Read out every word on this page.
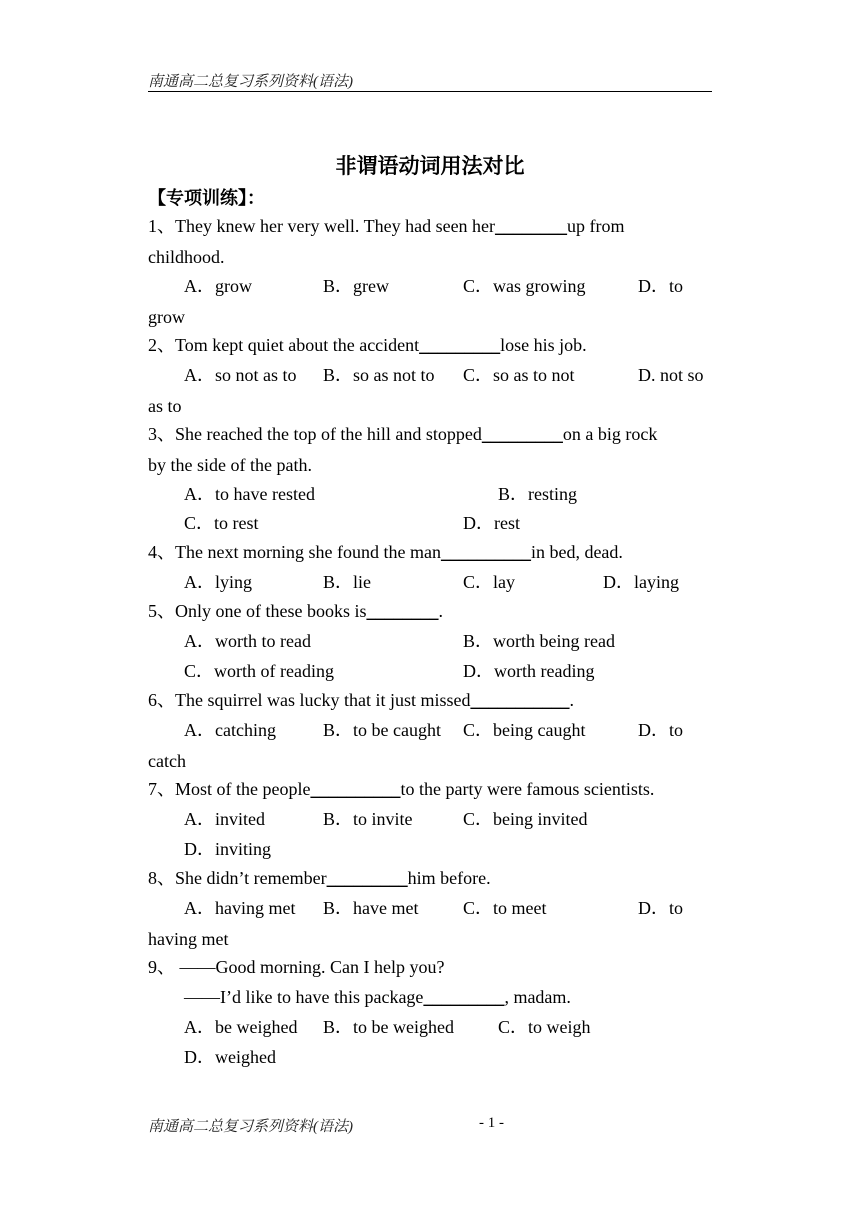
南通高二总复习系列资料(语法)
非谓语动词用法对比
【专项训练】：
1、They knew her very well. They had seen her________up from
childhood.
A．grow	B．grew	C．was growing	D．to
grow
2、Tom kept quiet about the accident_________lose his job.
A．so not as to B．so as not to C．so as to not	D. not so
as to
3、She reached the top of the hill and stopped_________on a big rock
by the side of the path.
A．to have rested	B．resting
C．to rest	D．rest
4、The next morning she found the man__________in bed, dead.
A．lying	B．lie	C．lay	D．laying
5、Only one of these books is________.
A．worth to read	B．worth being read
C．worth of reading	D．worth reading
6、The squirrel was lucky that it just missed___________.
A．catching	B．to be caught C．being caught	D．to
catch
7、Most of the people__________to the party were famous scientists.
A．invited	B．to invite	C．being invited
D．inviting
8、She didn’t remember_________him before.
A．having met B．have met C．to meet	D．to
having met
9、 ——Good morning. Can I help you?
——I’d like to have this package_________, madam.
A．be weighed B．to be weighed C．to weigh
D．weighed
南通高二总复习系列资料(语法)	- 1 -
